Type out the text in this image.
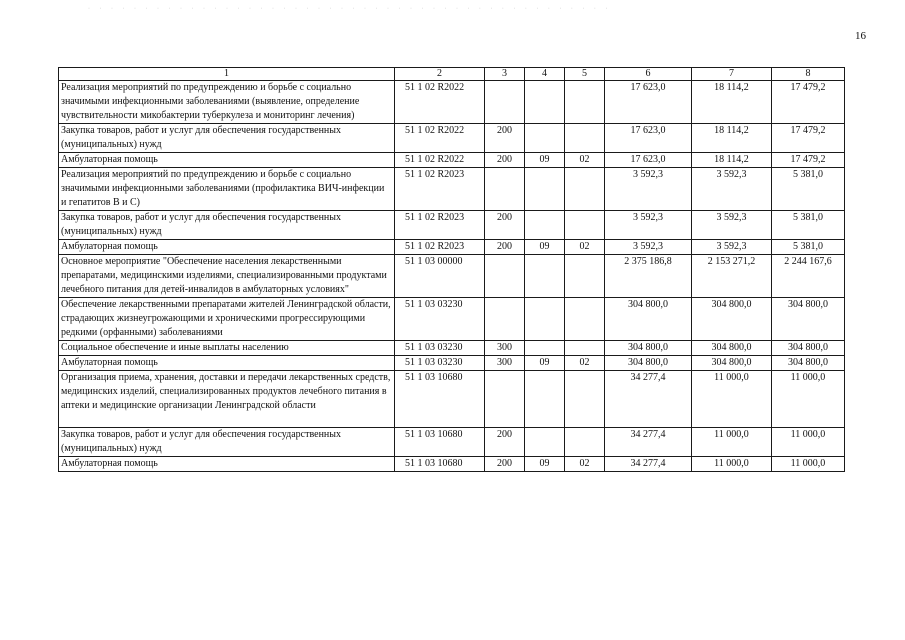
· · · · · · · · · · · · · · · · · · · · · · · · · · · · · · · · · · · · · · · · · · · · · ·
16
1	2	3	4	5	6	7	8
Реализация мероприятий по предупреждению и борьбе с социально значимыми инфекционными заболеваниями (выявление, определение чувствительности микобактерии туберкулеза и мониторинг лечения)	51 1 02 R2022				17 623,0	18 114,2	17 479,2
Закупка товаров, работ и услуг для обеспечения государственных (муниципальных) нужд	51 1 02 R2022	200			17 623,0	18 114,2	17 479,2
Амбулаторная помощь	51 1 02 R2022	200	09	02	17 623,0	18 114,2	17 479,2
Реализация мероприятий по предупреждению и борьбе с социально значимыми инфекционными заболеваниями (профилактика ВИЧ-инфекции и гепатитов B и C)	51 1 02 R2023				3 592,3	3 592,3	5 381,0
Закупка товаров, работ и услуг для обеспечения государственных (муниципальных) нужд	51 1 02 R2023	200			3 592,3	3 592,3	5 381,0
Амбулаторная помощь	51 1 02 R2023	200	09	02	3 592,3	3 592,3	5 381,0
Основное мероприятие "Обеспечение населения лекарственными препаратами, медицинскими изделиями, специализированными продуктами лечебного питания для детей-инвалидов в амбулаторных условиях"	51 1 03 00000				2 375 186,8	2 153 271,2	2 244 167,6
Обеспечение лекарственными препаратами жителей Ленинградской области, страдающих жизнеугрожающими и хроническими прогрессирующими редкими (орфанными) заболеваниями	51 1 03 03230				304 800,0	304 800,0	304 800,0
Социальное обеспечение и иные выплаты населению	51 1 03 03230	300			304 800,0	304 800,0	304 800,0
Амбулаторная помощь	51 1 03 03230	300	09	02	304 800,0	304 800,0	304 800,0
Организация приема, хранения, доставки и передачи лекарственных средств, медицинских изделий, специализированных продуктов лечебного питания в аптеки и медицинские организации Ленинградской области	51 1 03 10680				34 277,4	11 000,0	11 000,0
Закупка товаров, работ и услуг для обеспечения государственных (муниципальных) нужд	51 1 03 10680	200			34 277,4	11 000,0	11 000,0
Амбулаторная помощь	51 1 03 10680	200	09	02	34 277,4	11 000,0	11 000,0
